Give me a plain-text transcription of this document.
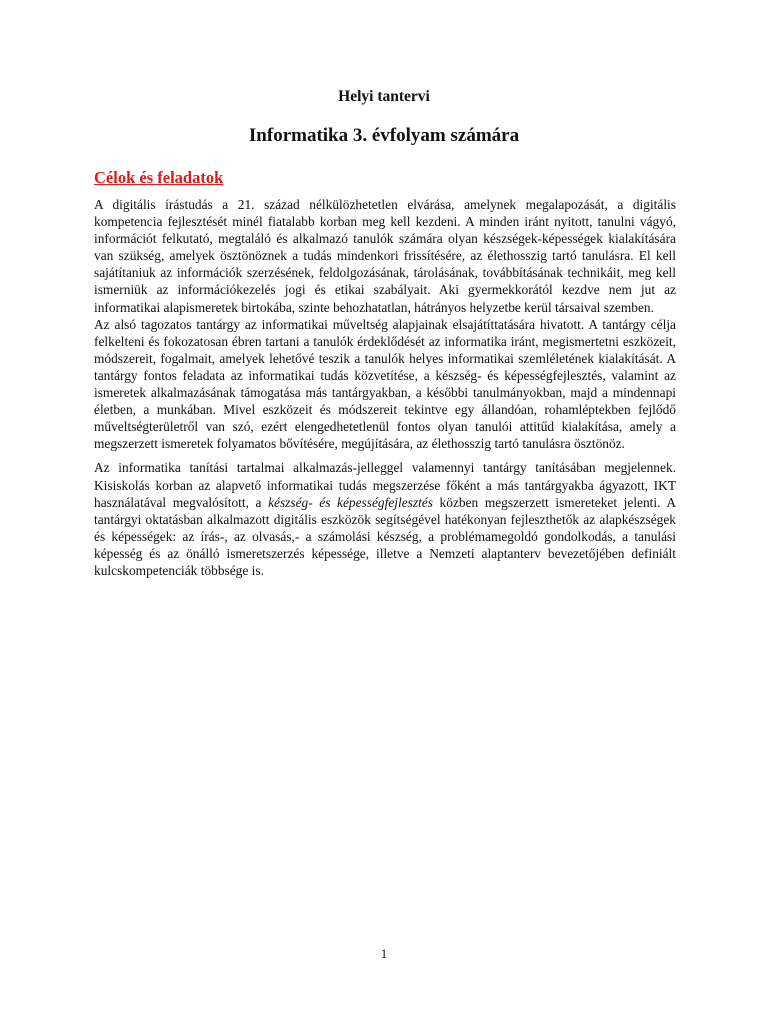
Helyi tantervi
Informatika 3. évfolyam számára
Célok és feladatok

A digitális írástudás a 21. század nélkülözhetetlen elvárása, amelynek megalapozását, a digitális kompetencia fejlesztését minél fiatalabb korban meg kell kezdeni. A minden iránt nyitott, tanulni vágyó, információt felkutató, megtaláló és alkalmazó tanulók számára olyan készségek-képességek kialakítására van szükség, amelyek ösztönöznek a tudás mindenkori frissítésére, az élethosszig tartó tanulásra. El kell sajátítaniuk az információk szerzésének, feldolgozásának, tárolásának, továbbításának technikáit, meg kell ismerniük az információkezelés jogi és etikai szabályait. Aki gyermekkorától kezdve nem jut az informatikai alapismeretek birtokába, szinte behozhatatlan, hátrányos helyzetbe kerül társaival szemben.

Az alsó tagozatos tantárgy az informatikai műveltség alapjainak elsajátíttatására hivatott. A tantárgy célja felkelteni és fokozatosan ébren tartani a tanulók érdeklődését az informatika iránt, megismertetni eszközeit, módszereit, fogalmait, amelyek lehetővé teszik a tanulók helyes informatikai szemléletének kialakítását. A tantárgy fontos feladata az informatikai tudás közvetítése, a készség- és képességfejlesztés, valamint az ismeretek alkalmazásának támogatása más tantárgyakban, a későbbi tanulmányokban, majd a mindennapi életben, a munkában. Mivel eszközeit és módszereit tekintve egy állandóan, rohamléptekben fejlődő műveltségterületről van szó, ezért elengedhetetlenül fontos olyan tanulói attitűd kialakítása, amely a megszerzett ismeretek folyamatos bővítésére, megújítására, az élethosszig tartó tanulásra ösztönöz.

Az informatika tanítási tartalmai alkalmazás-jelleggel valamennyi tantárgy tanításában megjelennek. Kisiskolás korban az alapvető informatikai tudás megszerzése főként a más tantárgyakba ágyazott, IKT használatával megvalósított, a készség- és képességfejlesztés közben megszerzett ismereteket jelenti. A tantárgyi oktatásban alkalmazott digitális eszközök segítségével hatékonyan fejleszthetők az alapkészségek és képességek: az írás-, az olvasás,- a számolási készség, a problémamegoldó gondolkodás, a tanulási képesség és az önálló ismeretszerzés képessége, illetve a Nemzeti alaptanterv bevezetőjében definiált kulcskompetenciák többsége is.

1
